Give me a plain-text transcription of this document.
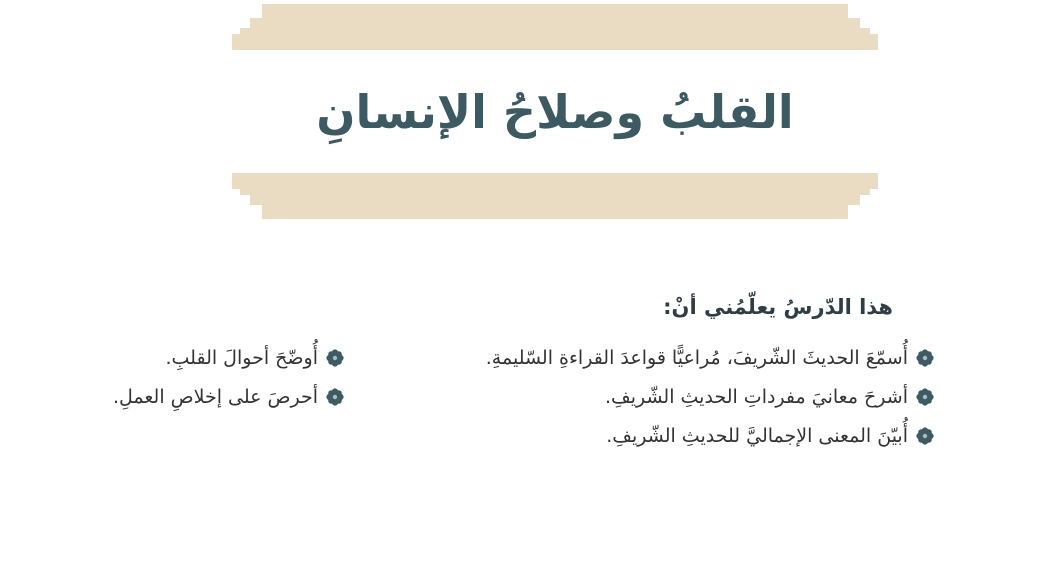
القلبُ وصلاحُ الإنسانِ

هذا الدّرسُ يعلّمُني أنْ:

أُسمّعَ الحديثَ الشّريفَ، مُراعيًّا قواعدَ القراءةِ السّليمةِ.
أشرحَ معانيَ مفرداتِ الحديثِ الشّريفِ.
أُبيّنَ المعنى الإجماليَّ للحديثِ الشّريفِ.
أُوضّحَ أحوالَ القلبِ.
أحرصَ على إخلاصِ العملِ.
